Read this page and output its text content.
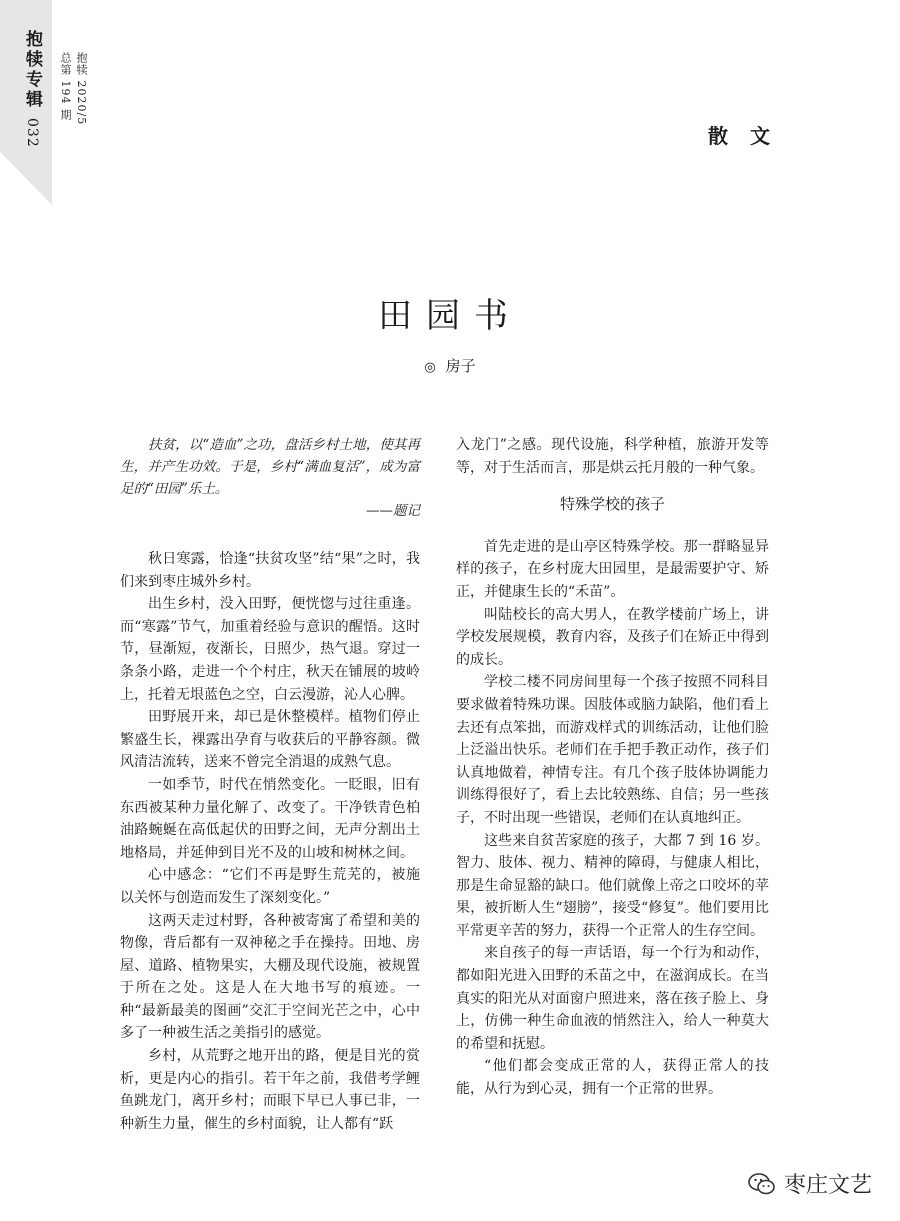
抱犊专辑
032
抱犊 2020/5
总第 194 期
散文
田园书
◎ 房子

扶贫，以“造血”之功，盘活乡村土地，使其再生，并产生功效。于是，乡村“满血复活”，成为富足的“田园”乐土。

——题记

秋日寒露，恰逢“扶贫攻坚”结“果”之时，我们来到枣庄城外乡村。

出生乡村，没入田野，便恍惚与过往重逢。而“寒露”节气，加重着经验与意识的醒悟。这时节，昼渐短，夜渐长，日照少，热气退。穿过一条条小路，走进一个个村庄，秋天在铺展的坡岭上，托着无垠蓝色之空，白云漫游，沁人心脾。

田野展开来，却已是休整模样。植物们停止繁盛生长，裸露出孕育与收获后的平静容颜。微风清洁流转，送来不曾完全消退的成熟气息。

一如季节，时代在悄然变化。一眨眼，旧有东西被某种力量化解了、改变了。干净铁青色柏油路蜿蜒在高低起伏的田野之间，无声分割出土地格局，并延伸到目光不及的山坡和树林之间。

心中感念：“它们不再是野生荒芜的，被施以关怀与创造而发生了深刻变化。”

这两天走过村野，各种被寄寓了希望和美的物像，背后都有一双神秘之手在操持。田地、房屋、道路、植物果实，大棚及现代设施，被规置于所在之处。这是人在大地书写的痕迹。一种“最新最美的图画”交汇于空间光芒之中，心中多了一种被生活之美指引的感觉。

乡村，从荒野之地开出的路，便是目光的赏析，更是内心的指引。若干年之前，我借考学鲤鱼跳龙门，离开乡村；而眼下早已人事已非，一种新生力量，催生的乡村面貌，让人都有“跃

入龙门”之感。现代设施，科学种植，旅游开发等等，对于生活而言，那是烘云托月般的一种气象。

特殊学校的孩子

首先走进的是山亭区特殊学校。那一群略显异样的孩子，在乡村庞大田园里，是最需要护守、矫正，并健康生长的“禾苗”。

叫陆校长的高大男人，在教学楼前广场上，讲学校发展规模，教育内容，及孩子们在矫正中得到的成长。

学校二楼不同房间里每一个孩子按照不同科目要求做着特殊功课。因肢体或脑力缺陷，他们看上去还有点笨拙，而游戏样式的训练活动，让他们脸上泛溢出快乐。老师们在手把手教正动作，孩子们认真地做着，神情专注。有几个孩子肢体协调能力训练得很好了，看上去比较熟练、自信；另一些孩子，不时出现一些错误，老师们在认真地纠正。

这些来自贫苦家庭的孩子，大都 7 到 16 岁。智力、肢体、视力、精神的障碍，与健康人相比，那是生命显豁的缺口。他们就像上帝之口咬坏的苹果，被折断人生“翅膀”，接受“修复”。他们要用比平常更辛苦的努力，获得一个正常人的生存空间。

来自孩子的每一声话语，每一个行为和动作，都如阳光进入田野的禾苗之中，在滋润成长。在当真实的阳光从对面窗户照进来，落在孩子脸上、身上，仿佛一种生命血液的悄然注入，给人一种莫大的希望和抚慰。

“他们都会变成正常的人，获得正常人的技能，从行为到心灵，拥有一个正常的世界。

枣庄文艺
